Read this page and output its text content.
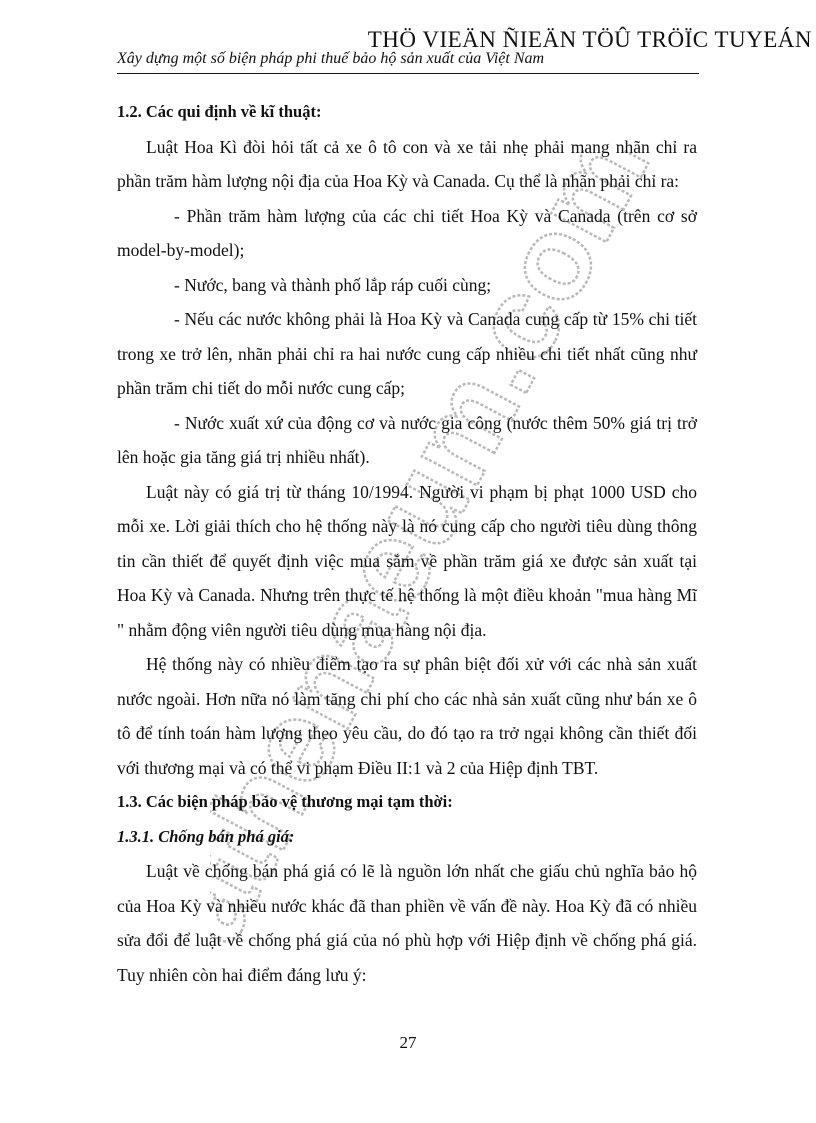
THÖ VIEÄN ÑIEÄN TÖÛ TRÖÏC TUYEÁN
Xây dựng một số biện pháp phi thuế bảo hộ sản xuất của Việt Nam
athenaeum.com

1.2. Các qui định về kĩ thuật:

Luật Hoa Kì đòi hỏi tất cả xe ô tô con và xe tải nhẹ phải mang nhãn chỉ ra phần trăm hàm lượng nội địa của Hoa Kỳ và Canada. Cụ thể là nhãn phải chỉ ra:

- Phần trăm hàm lượng của các chi tiết Hoa Kỳ và Canada (trên cơ sở model-by-model);

- Nước, bang và thành phố lắp ráp cuối cùng;

- Nếu các nước không phải là Hoa Kỳ và Canada cung cấp từ 15% chi tiết trong xe trở lên, nhãn phải chỉ ra hai nước cung cấp nhiều chi tiết nhất cũng như phần trăm chi tiết do mỗi nước cung cấp;

- Nước xuất xứ của động cơ và nước gia công (nước thêm 50% giá trị trở lên hoặc gia tăng giá trị nhiều nhất).

Luật này có giá trị từ tháng 10/1994. Người vi phạm bị phạt 1000 USD cho mỗi xe. Lời giải thích cho hệ thống này là nó cung cấp cho người tiêu dùng thông tin cần thiết để quyết định việc mua sắm về phần trăm giá xe được sản xuất tại Hoa Kỳ và Canada. Nhưng trên thực tế hệ thống là một điều khoản "mua hàng Mĩ " nhằm động viên người tiêu dùng mua hàng nội địa.

Hệ thống này có nhiều điểm tạo ra sự phân biệt đối xử với các nhà sản xuất nước ngoài. Hơn nữa nó làm tăng chi phí cho các nhà sản xuất cũng như bán xe ô tô để tính toán hàm lượng theo yêu cầu, do đó tạo ra trở ngại không cần thiết đối với thương mại và có thể vi phạm Điều II:1 và 2 của Hiệp định TBT.

1.3. Các biện pháp bảo vệ thương mại tạm thời:

1.3.1. Chống bán phá giá:

Luật về chống bán phá giá có lẽ là nguồn lớn nhất che giấu chủ nghĩa bảo hộ của Hoa Kỳ và nhiều nước khác đã than phiền về vấn đề này. Hoa Kỳ đã có nhiều sửa đổi để luật về chống phá giá của nó phù hợp với Hiệp định về chống phá giá. Tuy nhiên còn hai điểm đáng lưu ý:

27
